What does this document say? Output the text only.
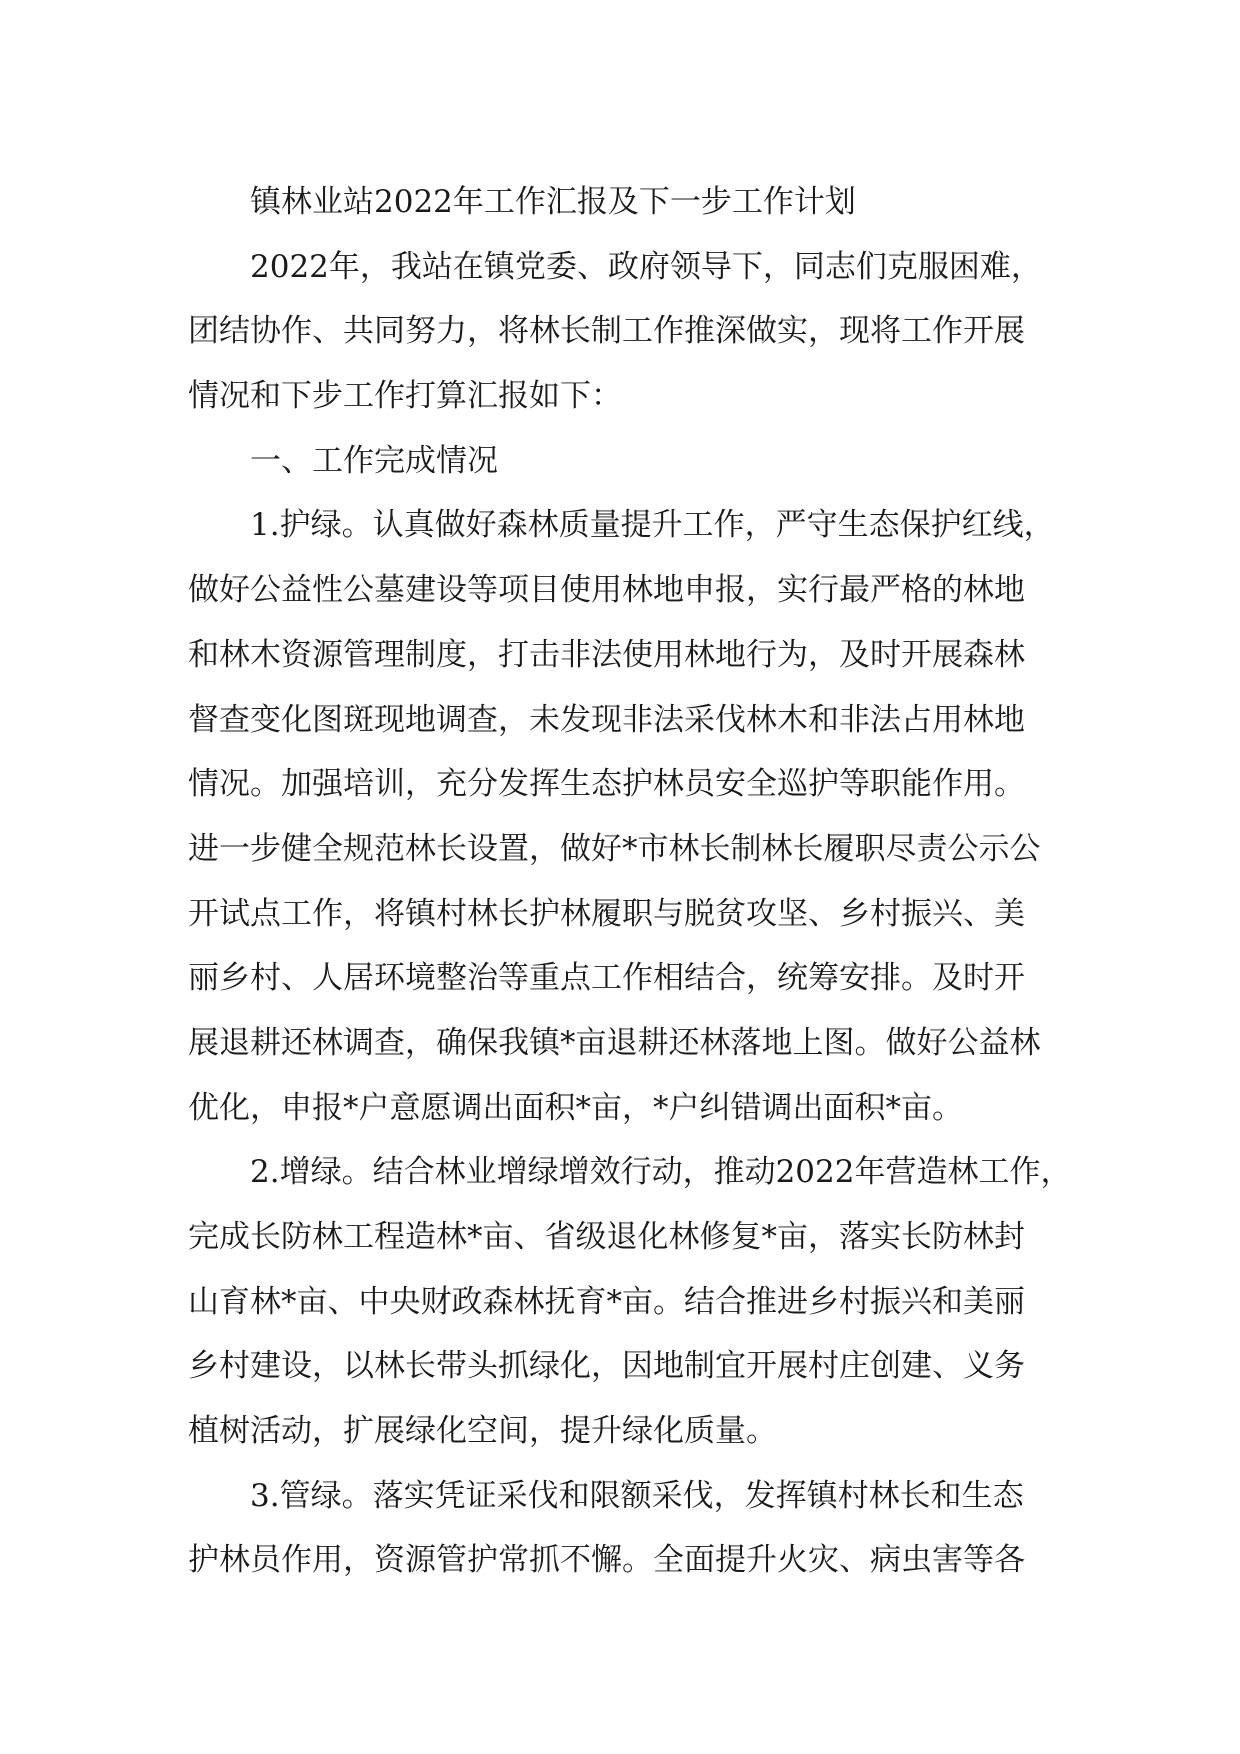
镇林业站2022年工作汇报及下一步工作计划
2022年，我站在镇党委、政府领导下，同志们克服困难，
团结协作、共同努力，将林长制工作推深做实，现将工作开展
情况和下步工作打算汇报如下：
一、工作完成情况
1.护绿。认真做好森林质量提升工作，严守生态保护红线，
做好公益性公墓建设等项目使用林地申报，实行最严格的林地
和林木资源管理制度，打击非法使用林地行为，及时开展森林
督查变化图斑现地调查，未发现非法采伐林木和非法占用林地
情况。加强培训，充分发挥生态护林员安全巡护等职能作用。
进一步健全规范林长设置，做好*市林长制林长履职尽责公示公
开试点工作，将镇村林长护林履职与脱贫攻坚、乡村振兴、美
丽乡村、人居环境整治等重点工作相结合，统筹安排。及时开
展退耕还林调查，确保我镇*亩退耕还林落地上图。做好公益林
优化，申报*户意愿调出面积*亩，*户纠错调出面积*亩。
2.增绿。结合林业增绿增效行动，推动2022年营造林工作，
完成长防林工程造林*亩、省级退化林修复*亩，落实长防林封
山育林*亩、中央财政森林抚育*亩。结合推进乡村振兴和美丽
乡村建设，以林长带头抓绿化，因地制宜开展村庄创建、义务
植树活动，扩展绿化空间，提升绿化质量。
3.管绿。落实凭证采伐和限额采伐，发挥镇村林长和生态
护林员作用，资源管护常抓不懈。全面提升火灾、病虫害等各
